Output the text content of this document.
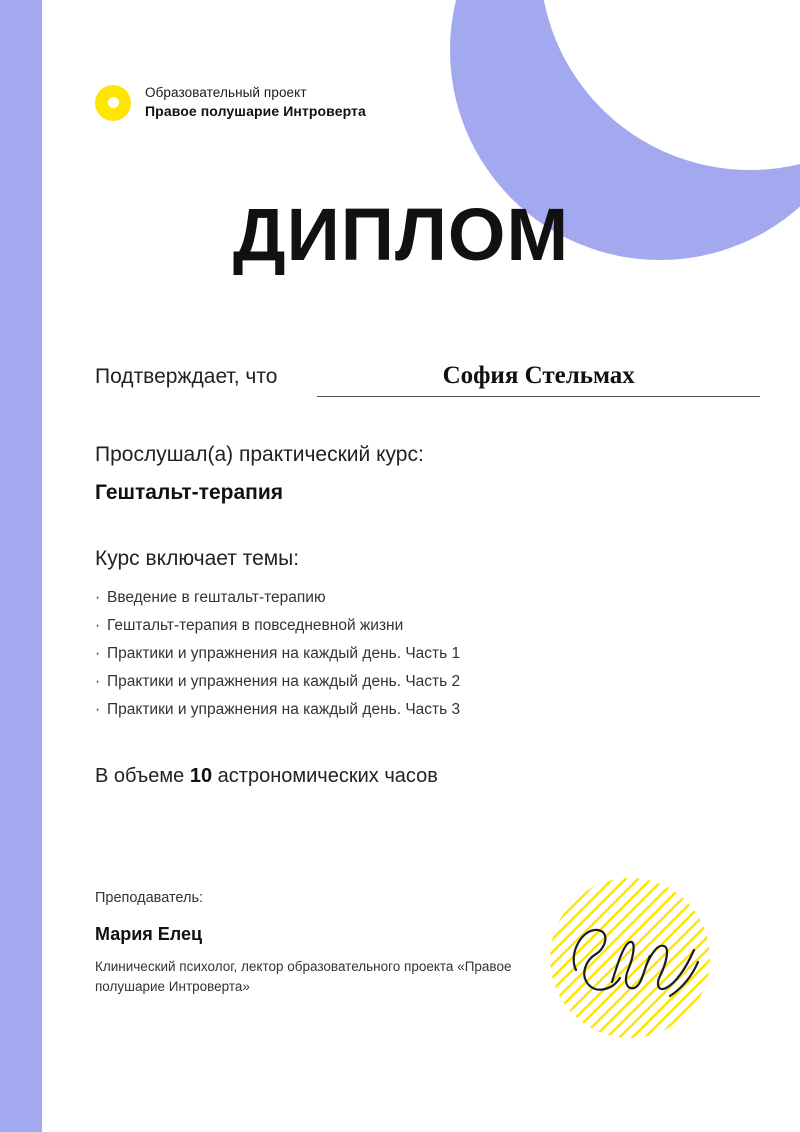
Образовательный проект
Правое полушарие Интроверта
ДИПЛОМ
Подтверждает, что	София Стельмах
Прослушал(а) практический курс:
Гештальт-терапия
Курс включает темы:
· Введение в гештальт-терапию
· Гештальт-терапия в повседневной жизни
· Практики и упражнения на каждый день. Часть 1
· Практики и упражнения на каждый день. Часть 2
· Практики и упражнения на каждый день. Часть 3
В объеме 10 астрономических часов
Преподаватель:
Мария Елец
Клинический психолог, лектор образовательного проекта «Правое полушарие Интроверта»
